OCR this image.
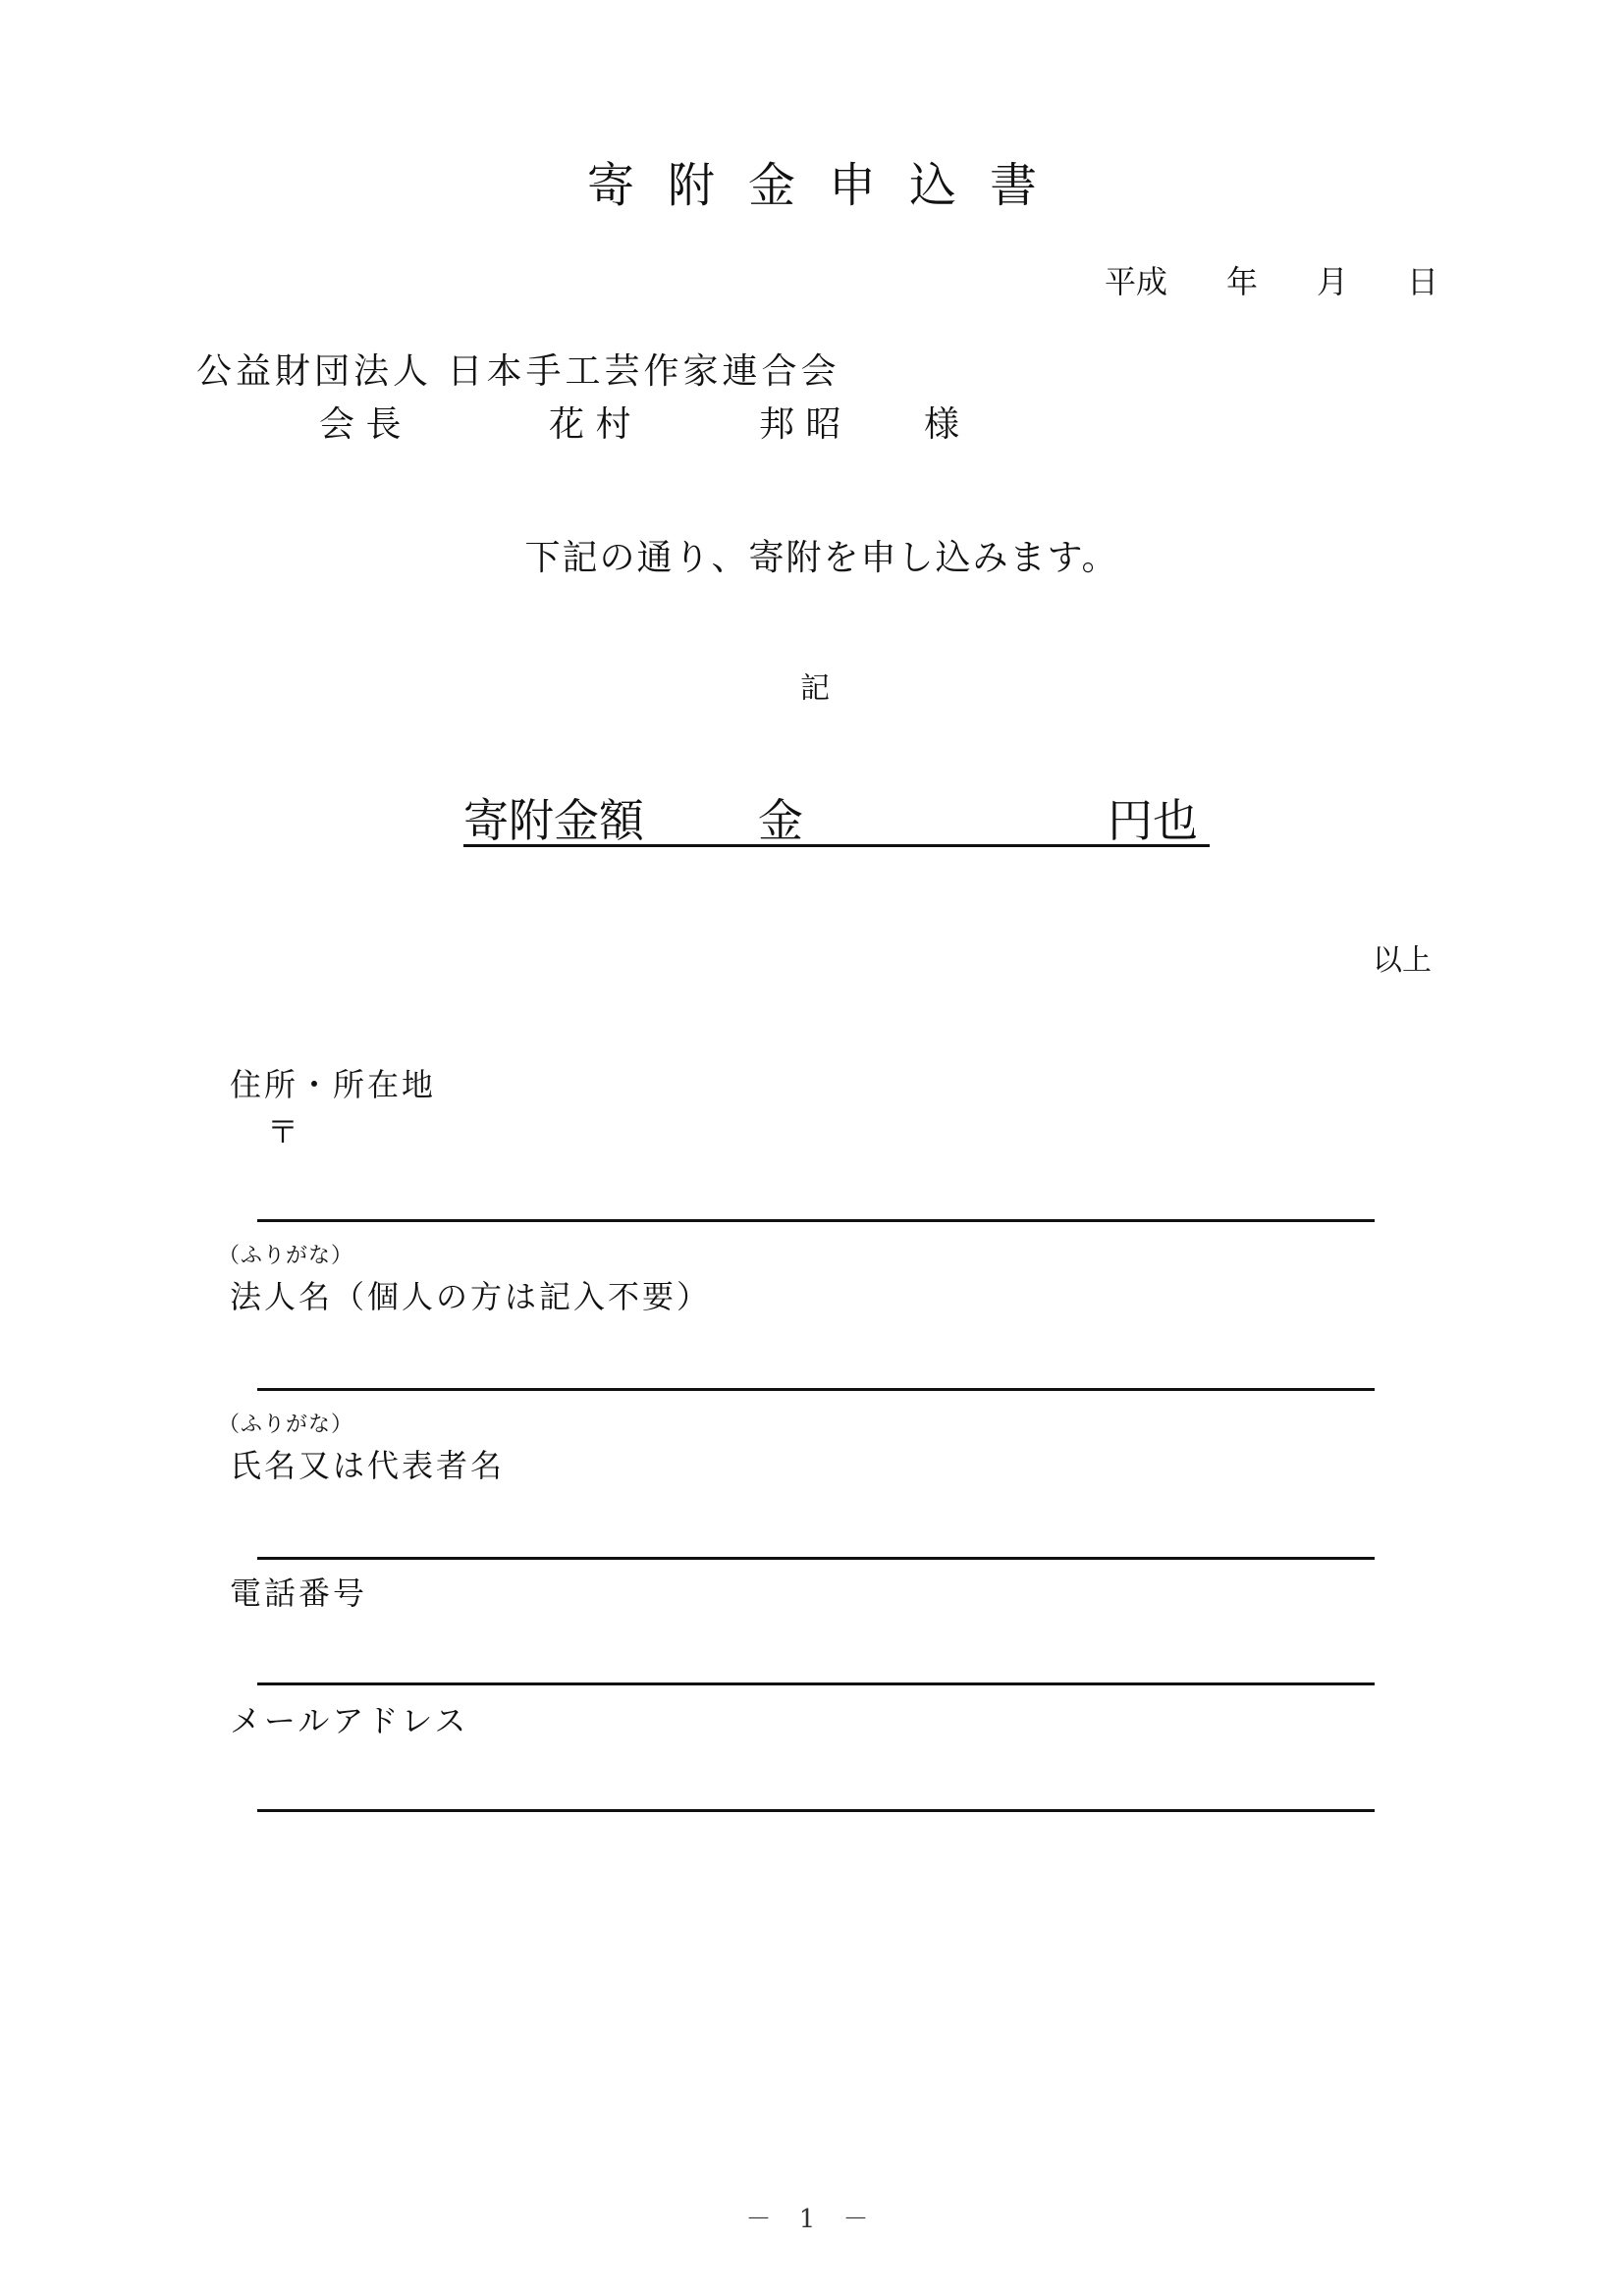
寄附金申込書
平成 年 月 日
公益財団法人 日本手工芸作家連合会
会 長	花 村	邦 昭 様
下記の通り、寄附を申し込みます。
記
寄附金額	金	円也
以上
住所・所在地
〒
（ふりがな）
法人名（個人の方は記入不要）
（ふりがな）
氏名又は代表者名
電話番号
メールアドレス
－ 1 －
